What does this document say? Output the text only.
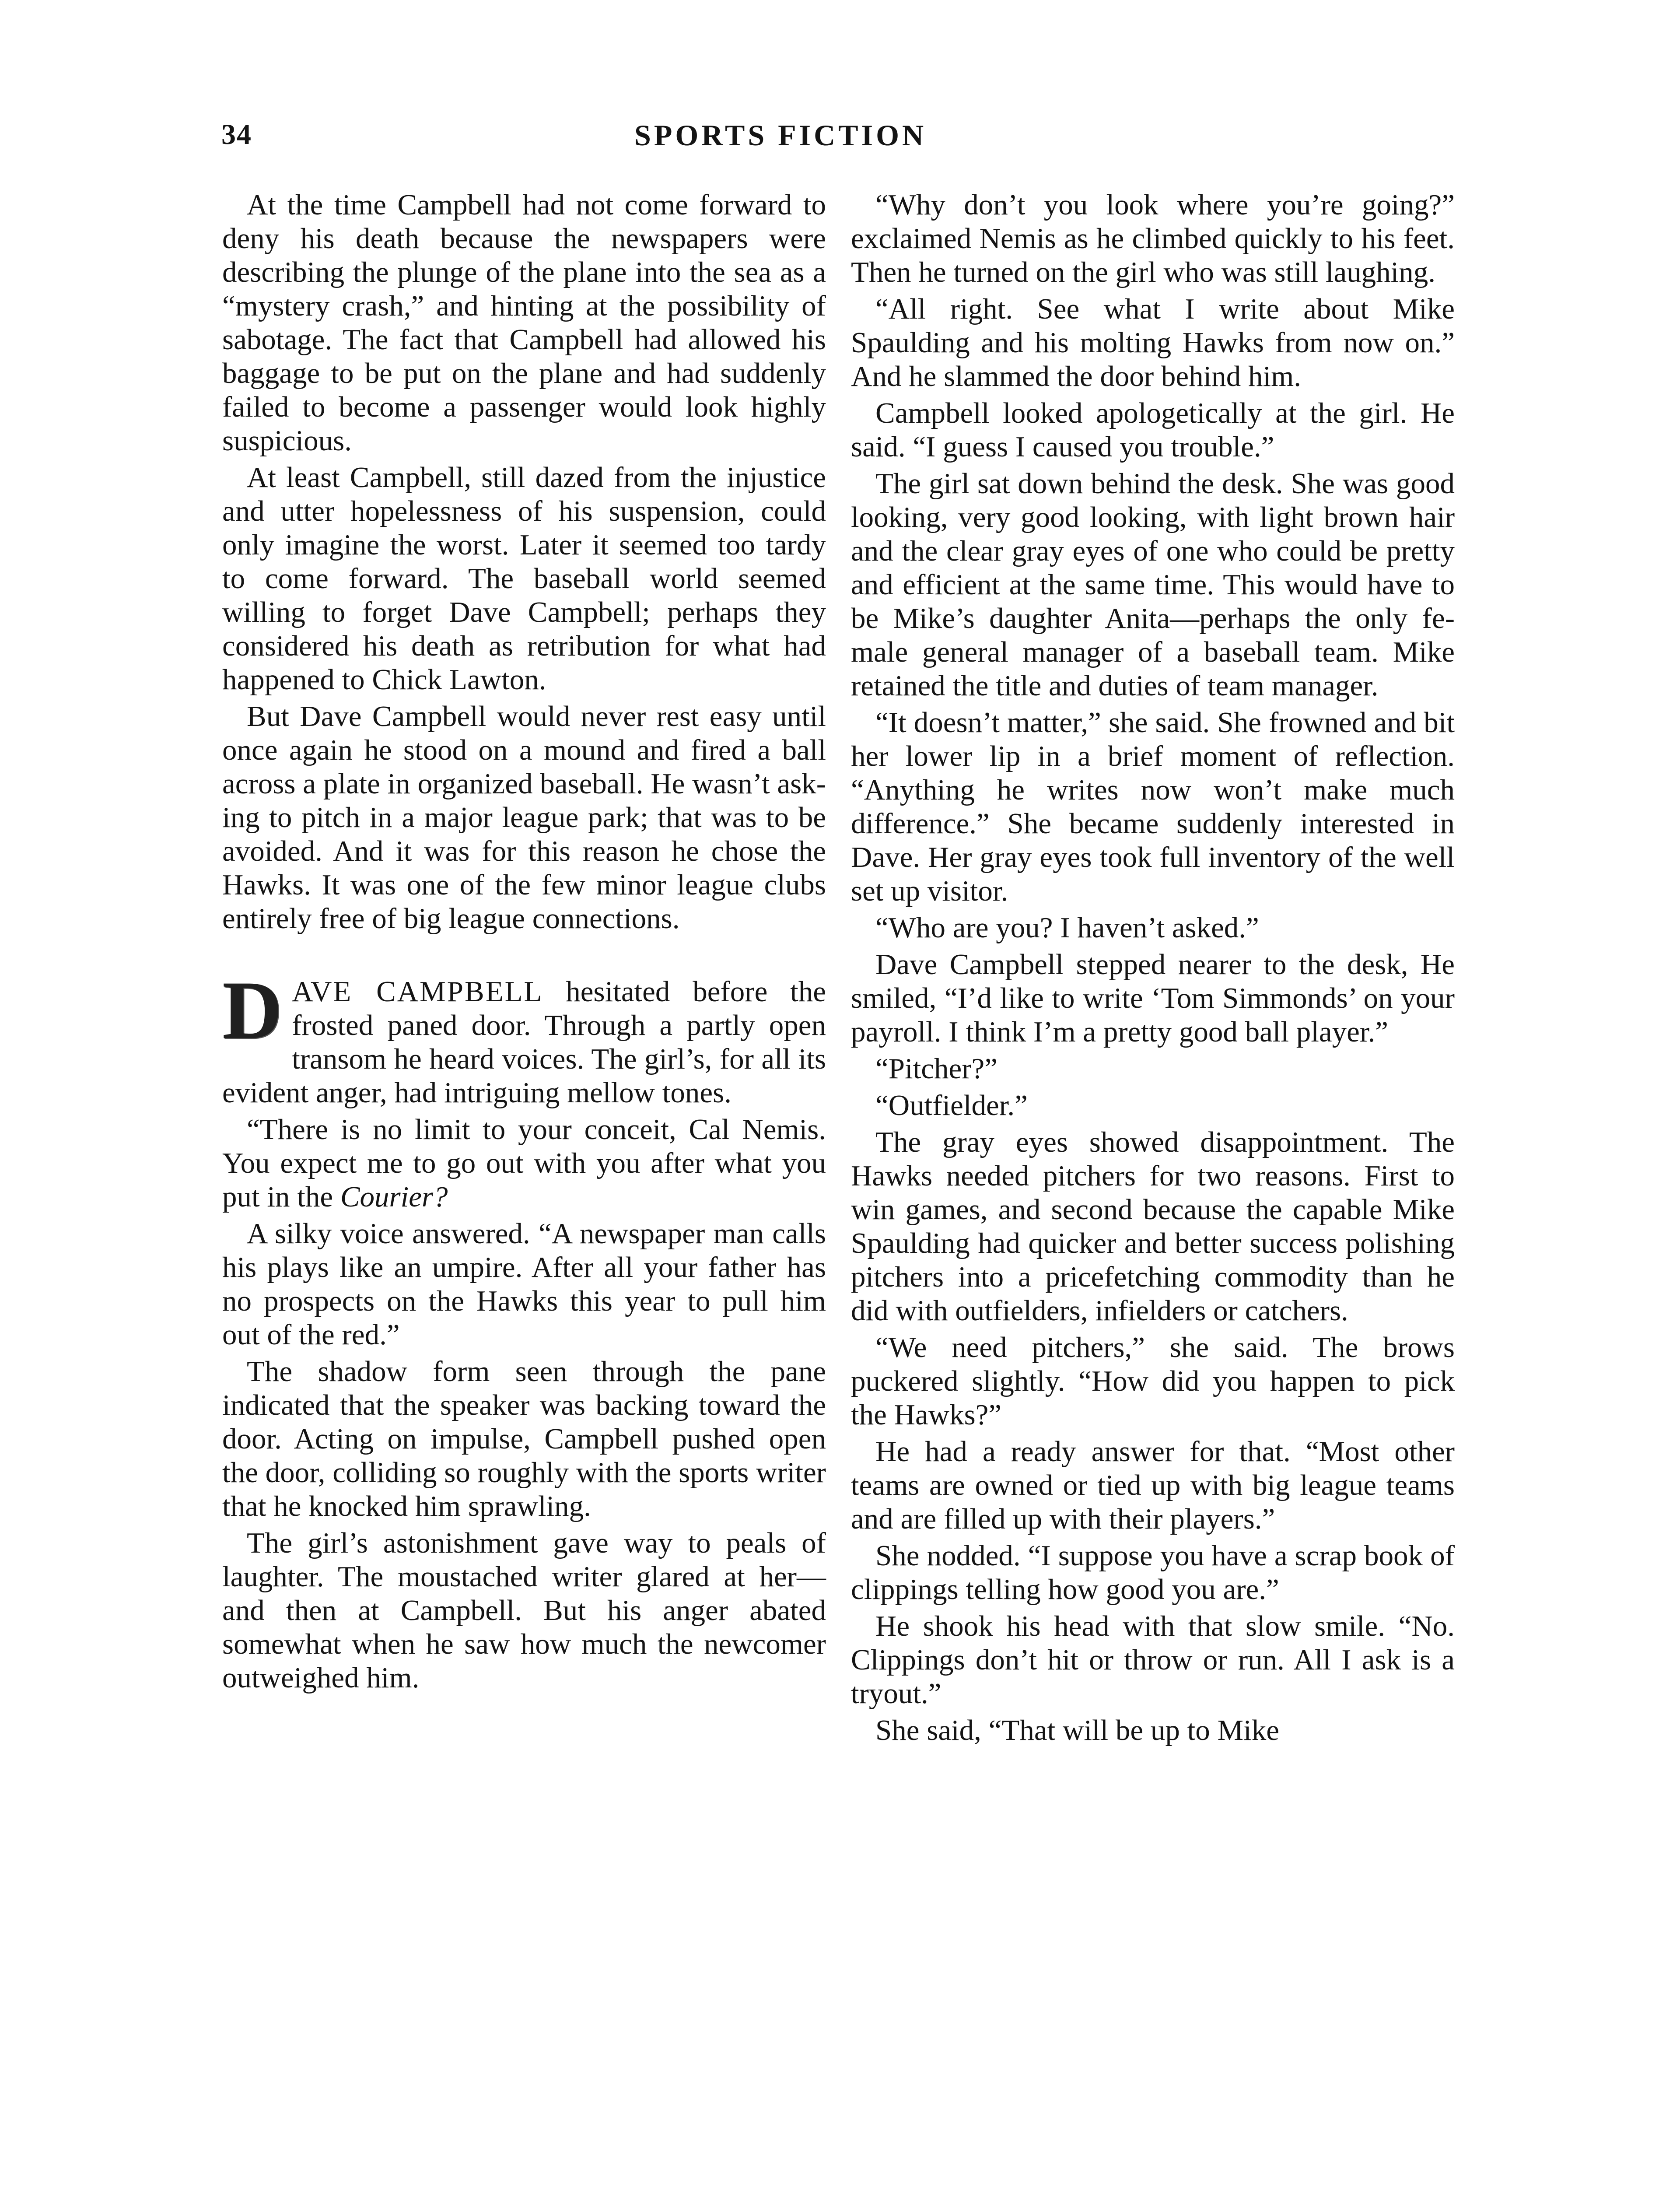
34	SPORTS FICTION

At the time Campbell had not come forward to deny his death because the newspapers were describing the plunge of the plane into the sea as a “mystery crash,” and hinting at the possibility of sabotage. The fact that Campbell had allowed his baggage to be put on the plane and had suddenly failed to become a passenger would look highly suspicious.

At least Campbell, still dazed from the injustice and utter hopelessness of his suspension, could only imagine the worst. Later it seemed too tardy to come forward. The baseball world seemed willing to forget Dave Campbell; perhaps they considered his death as retribution for what had happened to Chick Lawton.

But Dave Campbell would never rest easy until once again he stood on a mound and fired a ball across a plate in organized baseball. He wasn’t asking to pitch in a major league park; that was to be avoided. And it was for this reason he chose the Hawks. It was one of the few minor league clubs entirely free of big league connections.

DAVE CAMPBELL hesitated before the frosted paned door. Through a partly open transom he heard voices. The girl’s, for all its evident anger, had intriguing mellow tones.

“There is no limit to your conceit, Cal Nemis. You expect me to go out with you after what you put in the Courier?

A silky voice answered. “A newspaper man calls his plays like an umpire. After all your father has no prospects on the Hawks this year to pull him out of the red.”

The shadow form seen through the pane indicated that the speaker was backing toward the door. Acting on impulse, Campbell pushed open the door, colliding so roughly with the sports writer that he knocked him sprawling.

The girl’s astonishment gave way to peals of laughter. The moustached writer glared at her—and then at Campbell. But his anger abated somewhat when he saw how much the newcomer outweighed him.

“Why don’t you look where you’re going?” exclaimed Nemis as he climbed quickly to his feet. Then he turned on the girl who was still laughing.

“All right. See what I write about Mike Spaulding and his molting Hawks from now on.” And he slammed the door behind him.

Campbell looked apologetically at the girl. He said. “I guess I caused you trouble.”

The girl sat down behind the desk. She was good looking, very good looking, with light brown hair and the clear gray eyes of one who could be pretty and efficient at the same time. This would have to be Mike’s daughter Anita—perhaps the only female general manager of a baseball team. Mike retained the title and duties of team manager.

“It doesn’t matter,” she said. She frowned and bit her lower lip in a brief moment of reflection. “Anything he writes now won’t make much difference.” She became suddenly interested in Dave. Her gray eyes took full inventory of the well set up visitor.

“Who are you? I haven’t asked.”

Dave Campbell stepped nearer to the desk, He smiled, “I’d like to write ‘Tom Simmonds’ on your payroll. I think I’m a pretty good ball player.”

“Pitcher?”

“Outfielder.”

The gray eyes showed disappointment. The Hawks needed pitchers for two reasons. First to win games, and second because the capable Mike Spaulding had quicker and better success polishing pitchers into a pricefetching commodity than he did with outfielders, infielders or catchers.

“We need pitchers,” she said. The brows puckered slightly. “How did you happen to pick the Hawks?”

He had a ready answer for that. “Most other teams are owned or tied up with big league teams and are filled up with their players.”

She nodded. “I suppose you have a scrap book of clippings telling how good you are.”

He shook his head with that slow smile. “No. Clippings don’t hit or throw or run. All I ask is a tryout.”

She said, “That will be up to Mike
